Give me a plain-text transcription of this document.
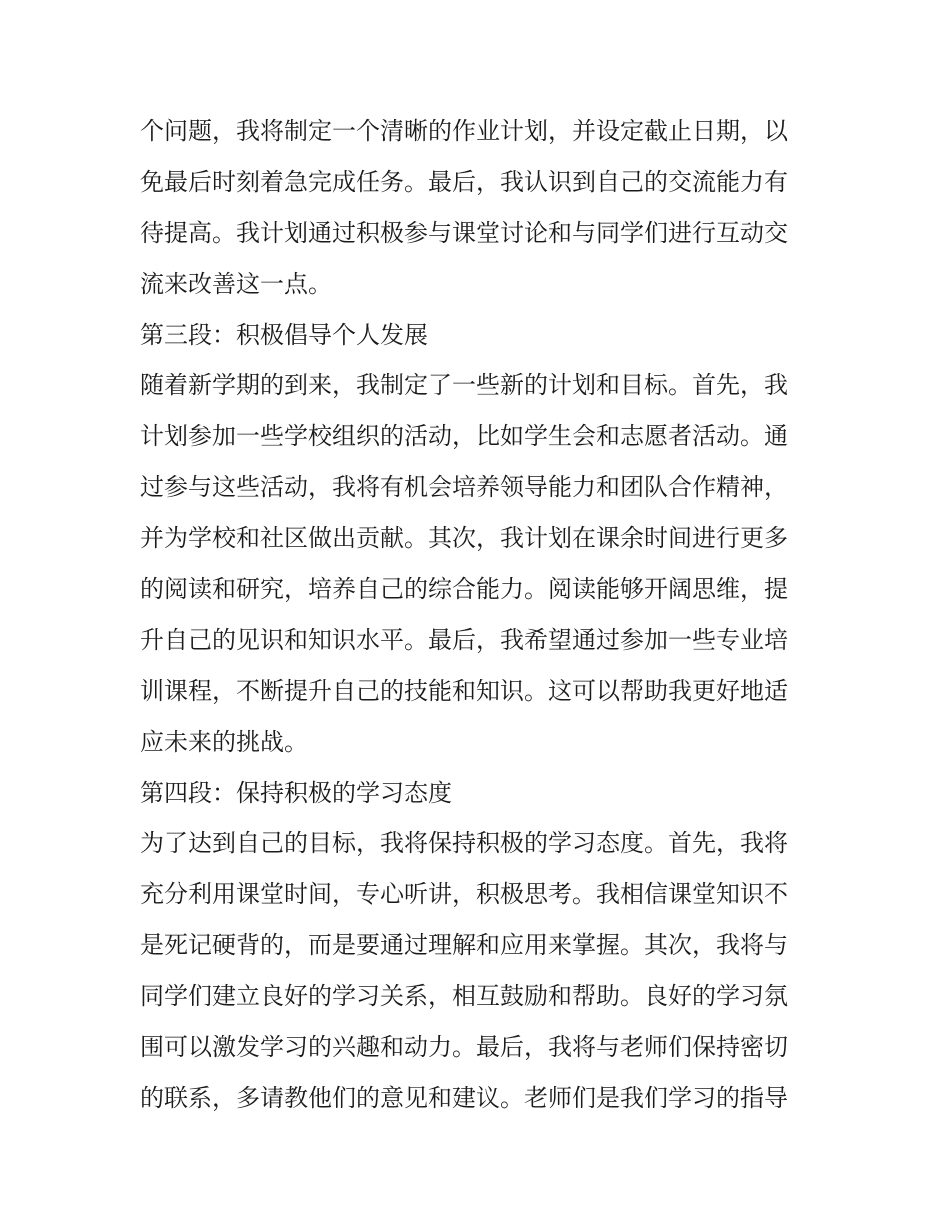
个问题，我将制定一个清晰的作业计划，并设定截止日期，以
免最后时刻着急完成任务。最后，我认识到自己的交流能力有
待提高。我计划通过积极参与课堂讨论和与同学们进行互动交
流来改善这一点。
第三段：积极倡导个人发展
随着新学期的到来，我制定了一些新的计划和目标。首先，我
计划参加一些学校组织的活动，比如学生会和志愿者活动。通
过参与这些活动，我将有机会培养领导能力和团队合作精神，
并为学校和社区做出贡献。其次，我计划在课余时间进行更多
的阅读和研究，培养自己的综合能力。阅读能够开阔思维，提
升自己的见识和知识水平。最后，我希望通过参加一些专业培
训课程，不断提升自己的技能和知识。这可以帮助我更好地适
应未来的挑战。
第四段：保持积极的学习态度
为了达到自己的目标，我将保持积极的学习态度。首先，我将
充分利用课堂时间，专心听讲，积极思考。我相信课堂知识不
是死记硬背的，而是要通过理解和应用来掌握。其次，我将与
同学们建立良好的学习关系，相互鼓励和帮助。良好的学习氛
围可以激发学习的兴趣和动力。最后，我将与老师们保持密切
的联系，多请教他们的意见和建议。老师们是我们学习的指导
